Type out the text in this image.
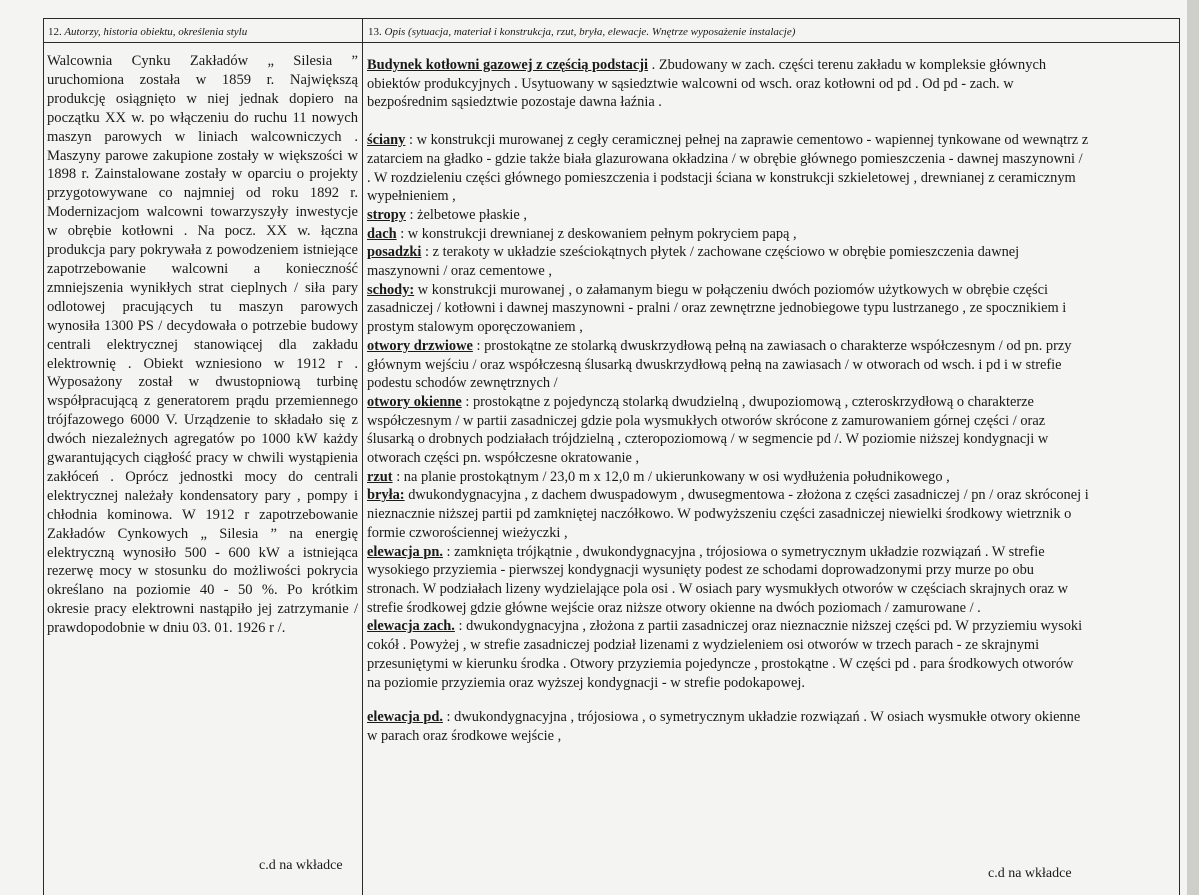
12. Autorzy, historia obiektu, określenia stylu	13. Opis (sytuacja, materiał i konstrukcja, rzut, bryła, elewacje. Wnętrze wyposażenie instalacje)
Walcownia Cynku Zakładów „ Silesia ” uruchomiona została w 1859 r. Największą produkcję osiągnięto w niej jednak dopiero na początku XX w. po włączeniu do ruchu 11 nowych maszyn parowych w liniach walcowniczych . Maszyny parowe zakupione zostały w większości w 1898 r. Zainstalowane zostały w oparciu o projekty przygotowywane co najmniej od roku 1892 r. Modernizacjom walcowni towarzyszyły inwestycje w obrębie kotłowni . Na pocz. XX w. łączna produkcja pary pokrywała z powodzeniem istniejące zapotrzebowanie walcowni a konieczność zmniejszenia wynikłych strat cieplnych / siła pary odlotowej pracujących tu maszyn parowych wynosiła 1300 PS / decydowała o potrzebie budowy centrali elektrycznej stanowiącej dla zakładu elektrownię . Obiekt wzniesiono w 1912 r . Wyposażony został w dwustopniową turbinę współpracującą z generatorem prądu przemiennego trójfazowego 6000 V. Urządzenie to składało się z dwóch niezależnych agregatów po 1000 kW każdy gwarantujących ciągłość pracy w chwili wystąpienia zakłóceń . Oprócz jednostki mocy do centrali elektrycznej należały kondensatory pary , pompy i chłodnia kominowa. W 1912 r zapotrzebowanie Zakładów Cynkowych „ Silesia ” na energię elektryczną wynosiło 500 - 600 kW a istniejąca rezerwę mocy w stosunku do możliwości pokrycia określano na poziomie 40 - 50 %. Po krótkim okresie pracy elektrowni nastąpiło jej zatrzymanie / prawdopodobnie w dniu 03. 01. 1926 r /.
c.d na wkładce

Budynek kotłowni gazowej z częścią podstacji . Zbudowany w zach. części terenu zakładu w kompleksie głównych obiektów produkcyjnych . Usytuowany w sąsiedztwie walcowni od wsch. oraz kotłowni od pd . Od pd - zach. w bezpośrednim sąsiedztwie pozostaje dawna łaźnia .

ściany : w konstrukcji murowanej z cegły ceramicznej pełnej na zaprawie cementowo - wapiennej tynkowane od wewnątrz z zatarciem na gładko - gdzie także biała glazurowana okładzina / w obrębie głównego pomieszczenia - dawnej maszynowni / . W rozdzieleniu części głównego pomieszczenia i podstacji ściana w konstrukcji szkieletowej , drewnianej z ceramicznym wypełnieniem ,

stropy : żelbetowe płaskie ,

dach : w konstrukcji drewnianej z deskowaniem pełnym pokryciem papą ,

posadzki : z terakoty w układzie sześciokątnych płytek / zachowane częściowo w obrębie pomieszczenia dawnej maszynowni / oraz cementowe ,

schody: w konstrukcji murowanej , o załamanym biegu w połączeniu dwóch poziomów użytkowych w obrębie części zasadniczej / kotłowni i dawnej maszynowni - pralni / oraz zewnętrzne jednobiegowe typu lustrzanego , ze spocznikiem i prostym stalowym oporęczowaniem ,

otwory drzwiowe : prostokątne ze stolarką dwuskrzydłową pełną na zawiasach o charakterze współczesnym / od pn. przy głównym wejściu / oraz współczesną ślusarką dwuskrzydłową pełną na zawiasach / w otworach od wsch. i pd i w strefie podestu schodów zewnętrznych /

otwory okienne : prostokątne z pojedynczą stolarką dwudzielną , dwupoziomową , czteroskrzydłową o charakterze współczesnym / w partii zasadniczej gdzie pola wysmukłych otworów skrócone z zamurowaniem górnej części / oraz ślusarką o drobnych podziałach trójdzielną , czteropoziomową / w segmencie pd /. W poziomie niższej kondygnacji w otworach części pn. współczesne okratowanie ,

rzut : na planie prostokątnym / 23,0 m x 12,0 m / ukierunkowany w osi wydłużenia południkowego ,

bryła: dwukondygnacyjna , z dachem dwuspadowym , dwusegmentowa - złożona z części zasadniczej / pn / oraz skróconej i nieznacznie niższej partii pd zamkniętej naczółkowo. W podwyższeniu części zasadniczej niewielki środkowy wietrznik o formie czworościennej wieżyczki ,

elewacja pn. : zamknięta trójkątnie , dwukondygnacyjna , trójosiowa o symetrycznym układzie rozwiązań . W strefie wysokiego przyziemia - pierwszej kondygnacji wysunięty podest ze schodami doprowadzonymi przy murze po obu stronach. W podziałach lizeny wydzielające pola osi . W osiach pary wysmukłych otworów w częściach skrajnych oraz w strefie środkowej gdzie główne wejście oraz niższe otwory okienne na dwóch poziomach / zamurowane / .

elewacja zach. : dwukondygnacyjna , złożona z partii zasadniczej oraz nieznacznie niższej części pd. W przyziemiu wysoki cokół . Powyżej , w strefie zasadniczej podział lizenami z wydzieleniem osi otworów w trzech parach - ze skrajnymi przesuniętymi w kierunku środka . Otwory przyziemia pojedyncze , prostokątne . W części pd . para środkowych otworów na poziomie przyziemia oraz wyższej kondygnacji - w strefie podokapowej.

elewacja pd. : dwukondygnacyjna , trójosiowa , o symetrycznym układzie rozwiązań . W osiach wysmukłe otwory okienne w parach oraz środkowe wejście ,

c.d na wkładce
